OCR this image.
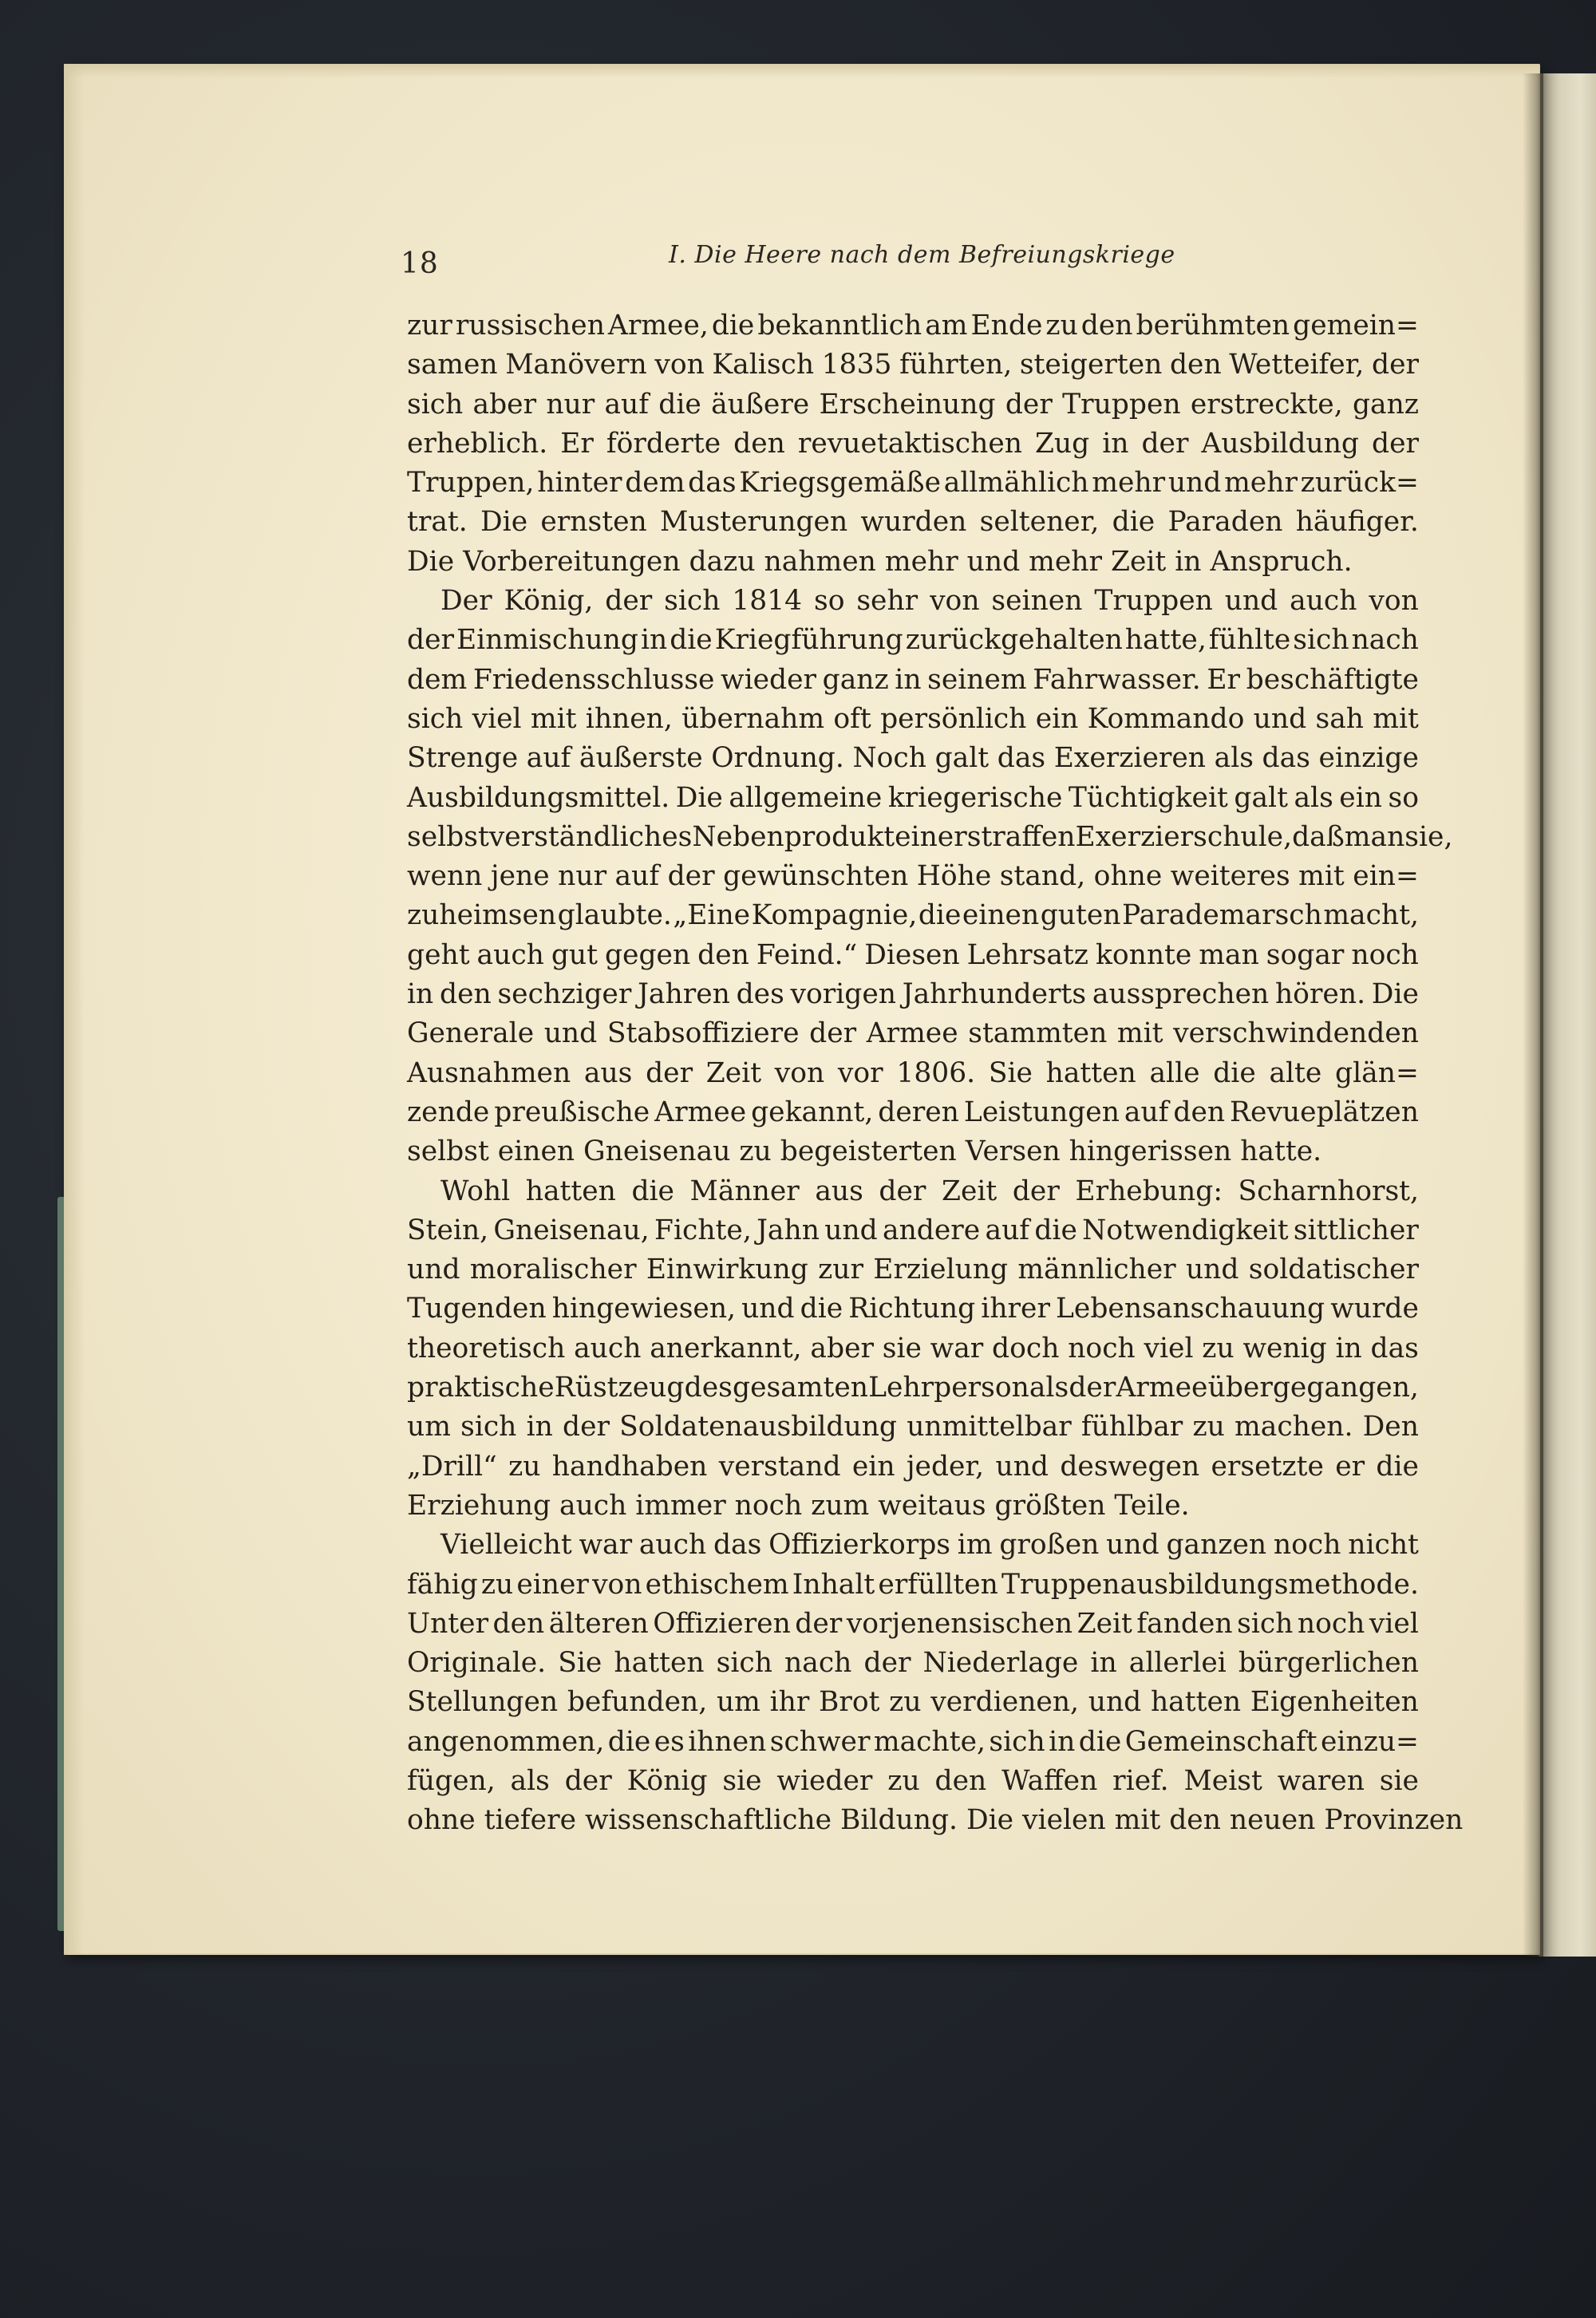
18	I. Die Heere nach dem Befreiungskriege
zur russischen Armee, die bekanntlich am Ende zu den berühmten gemein=
samen Manövern von Kalisch 1835 führten, steigerten den Wetteifer, der
sich aber nur auf die äußere Erscheinung der Truppen erstreckte, ganz
erheblich. Er förderte den revuetaktischen Zug in der Ausbildung der
Truppen, hinter dem das Kriegsgemäße allmählich mehr und mehr zurück=
trat. Die ernsten Musterungen wurden seltener, die Paraden häufiger.
Die Vorbereitungen dazu nahmen mehr und mehr Zeit in Anspruch.
Der König, der sich 1814 so sehr von seinen Truppen und auch von
der Einmischung in die Kriegführung zurückgehalten hatte, fühlte sich nach
dem Friedensschlusse wieder ganz in seinem Fahrwasser. Er beschäftigte
sich viel mit ihnen, übernahm oft persönlich ein Kommando und sah mit
Strenge auf äußerste Ordnung. Noch galt das Exerzieren als das einzige
Ausbildungsmittel. Die allgemeine kriegerische Tüchtigkeit galt als ein so
selbstverständliches Nebenprodukt einer straffen Exerzierschule, daß man sie,
wenn jene nur auf der gewünschten Höhe stand, ohne weiteres mit ein=
zuheimsen glaubte. „Eine Kompagnie, die einen guten Parademarsch macht,
geht auch gut gegen den Feind.“ Diesen Lehrsatz konnte man sogar noch
in den sechziger Jahren des vorigen Jahrhunderts aussprechen hören. Die
Generale und Stabsoffiziere der Armee stammten mit verschwindenden
Ausnahmen aus der Zeit von vor 1806. Sie hatten alle die alte glän=
zende preußische Armee gekannt, deren Leistungen auf den Revueplätzen
selbst einen Gneisenau zu begeisterten Versen hingerissen hatte.
Wohl hatten die Männer aus der Zeit der Erhebung: Scharnhorst,
Stein, Gneisenau, Fichte, Jahn und andere auf die Notwendigkeit sittlicher
und moralischer Einwirkung zur Erzielung männlicher und soldatischer
Tugenden hingewiesen, und die Richtung ihrer Lebensanschauung wurde
theoretisch auch anerkannt, aber sie war doch noch viel zu wenig in das
praktische Rüstzeug des gesamten Lehrpersonals der Armee übergegangen,
um sich in der Soldatenausbildung unmittelbar fühlbar zu machen. Den
„Drill“ zu handhaben verstand ein jeder, und deswegen ersetzte er die
Erziehung auch immer noch zum weitaus größten Teile.
Vielleicht war auch das Offizierkorps im großen und ganzen noch nicht
fähig zu einer von ethischem Inhalt erfüllten Truppenausbildungsmethode.
Unter den älteren Offizieren der vorjenensischen Zeit fanden sich noch viel
Originale. Sie hatten sich nach der Niederlage in allerlei bürgerlichen
Stellungen befunden, um ihr Brot zu verdienen, und hatten Eigenheiten
angenommen, die es ihnen schwer machte, sich in die Gemeinschaft einzu=
fügen, als der König sie wieder zu den Waffen rief. Meist waren sie
ohne tiefere wissenschaftliche Bildung. Die vielen mit den neuen Provinzen
